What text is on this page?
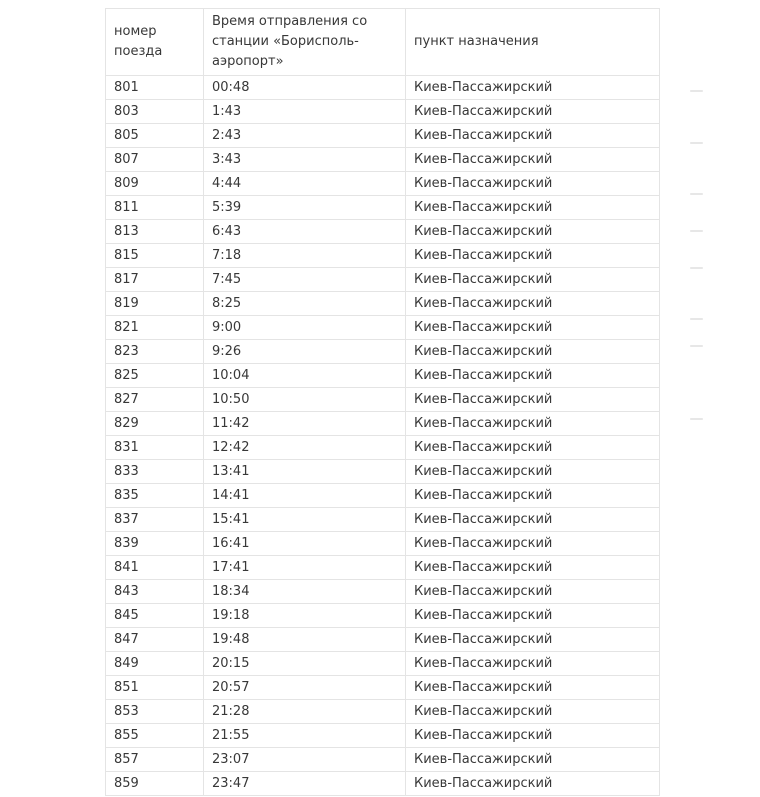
номер поезда	Время отправления со станции «Борисполь-аэропорт»	пункт назначения
801	00:48	Киев-Пассажирский
803	1:43	Киев-Пассажирский
805	2:43	Киев-Пассажирский
807	3:43	Киев-Пассажирский
809	4:44	Киев-Пассажирский
811	5:39	Киев-Пассажирский
813	6:43	Киев-Пассажирский
815	7:18	Киев-Пассажирский
817	7:45	Киев-Пассажирский
819	8:25	Киев-Пассажирский
821	9:00	Киев-Пассажирский
823	9:26	Киев-Пассажирский
825	10:04	Киев-Пассажирский
827	10:50	Киев-Пассажирский
829	11:42	Киев-Пассажирский
831	12:42	Киев-Пассажирский
833	13:41	Киев-Пассажирский
835	14:41	Киев-Пассажирский
837	15:41	Киев-Пассажирский
839	16:41	Киев-Пассажирский
841	17:41	Киев-Пассажирский
843	18:34	Киев-Пассажирский
845	19:18	Киев-Пассажирский
847	19:48	Киев-Пассажирский
849	20:15	Киев-Пассажирский
851	20:57	Киев-Пассажирский
853	21:28	Киев-Пассажирский
855	21:55	Киев-Пассажирский
857	23:07	Киев-Пассажирский
859	23:47	Киев-Пассажирский
